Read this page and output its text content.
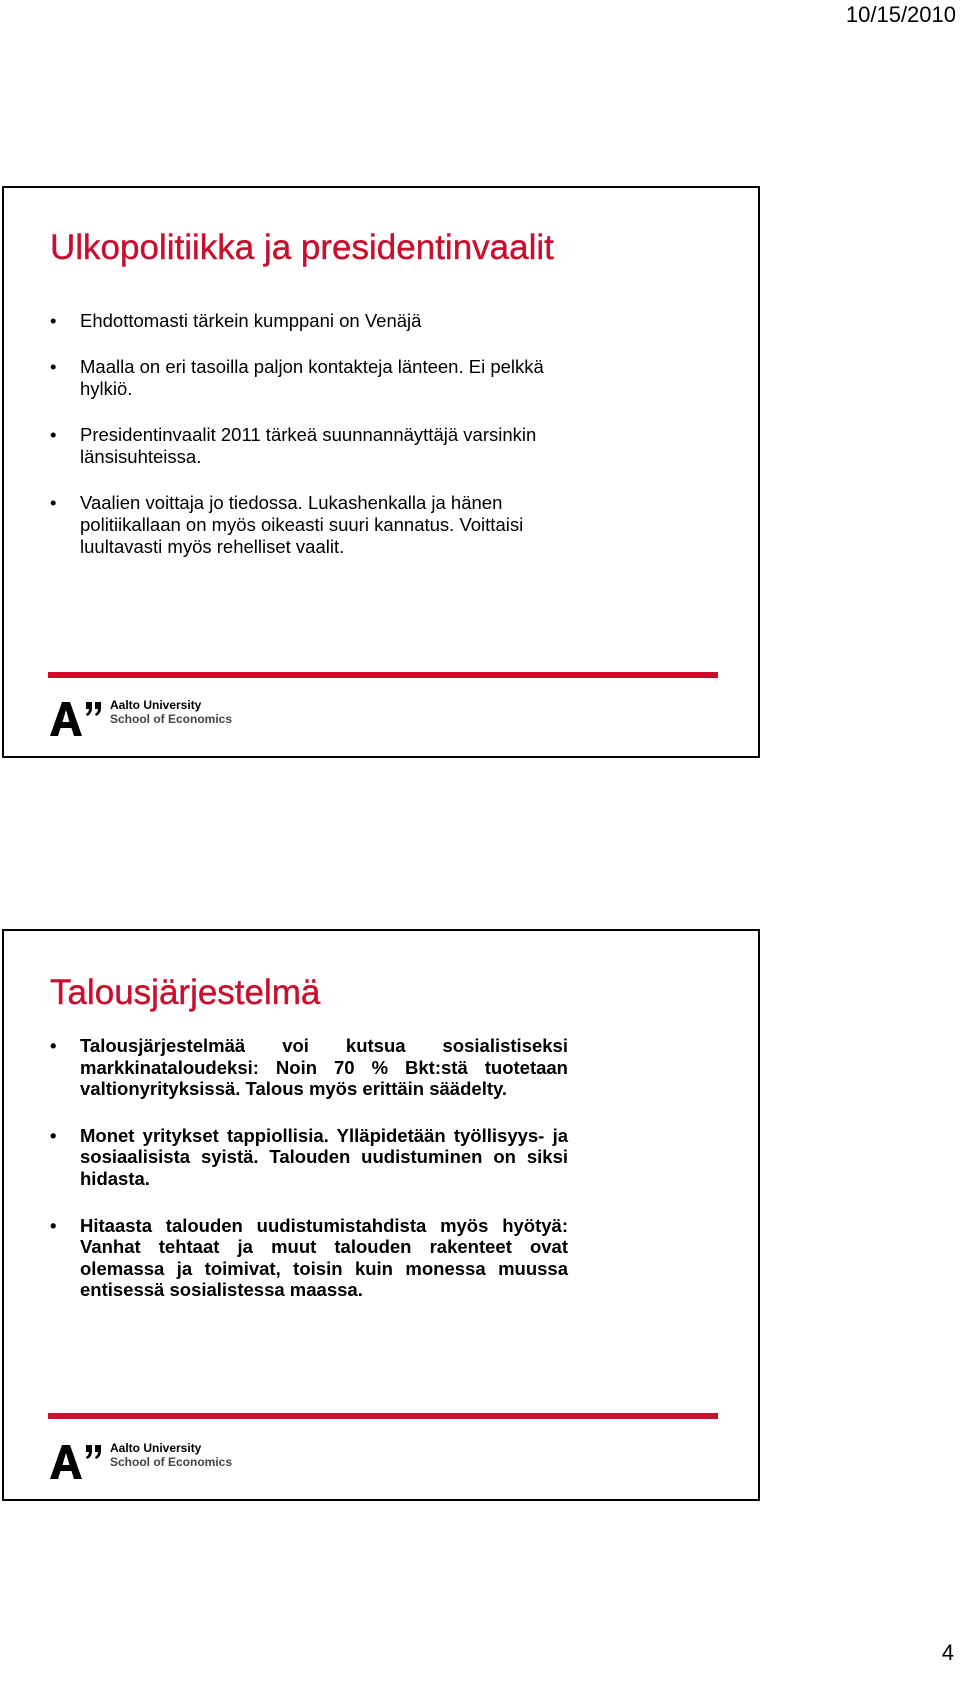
10/15/2010
Ulkopolitiikka ja presidentinvaalit
• Ehdottomasti tärkein kumppani on Venäjä
• Maalla on eri tasoilla paljon kontakteja länteen. Ei pelkkä hylkiö.
• Presidentinvaalit 2011 tärkeä suunnannäyttäjä varsinkin länsisuhteissa.
• Vaalien voittaja jo tiedossa. Lukashenkalla ja hänen politiikallaan on myös oikeasti suuri kannatus. Voittaisi luultavasti myös rehelliset vaalit.
Aalto University
School of Economics
Talousjärjestelmä
• Talousjärjestelmää voi kutsua sosialistiseksi markkinataloudeksi: Noin 70 % Bkt:stä tuotetaan valtionyrityksissä. Talous myös erittäin säädelty.
• Monet yritykset tappiollisia. Ylläpidetään työllisyys- ja sosiaalisista syistä. Talouden uudistuminen on siksi hidasta.
• Hitaasta talouden uudistumistahdista myös hyötyä: Vanhat tehtaat ja muut talouden rakenteet ovat olemassa ja toimivat, toisin kuin monessa muussa entisessä sosialistessa maassa.
Aalto University
School of Economics
4
